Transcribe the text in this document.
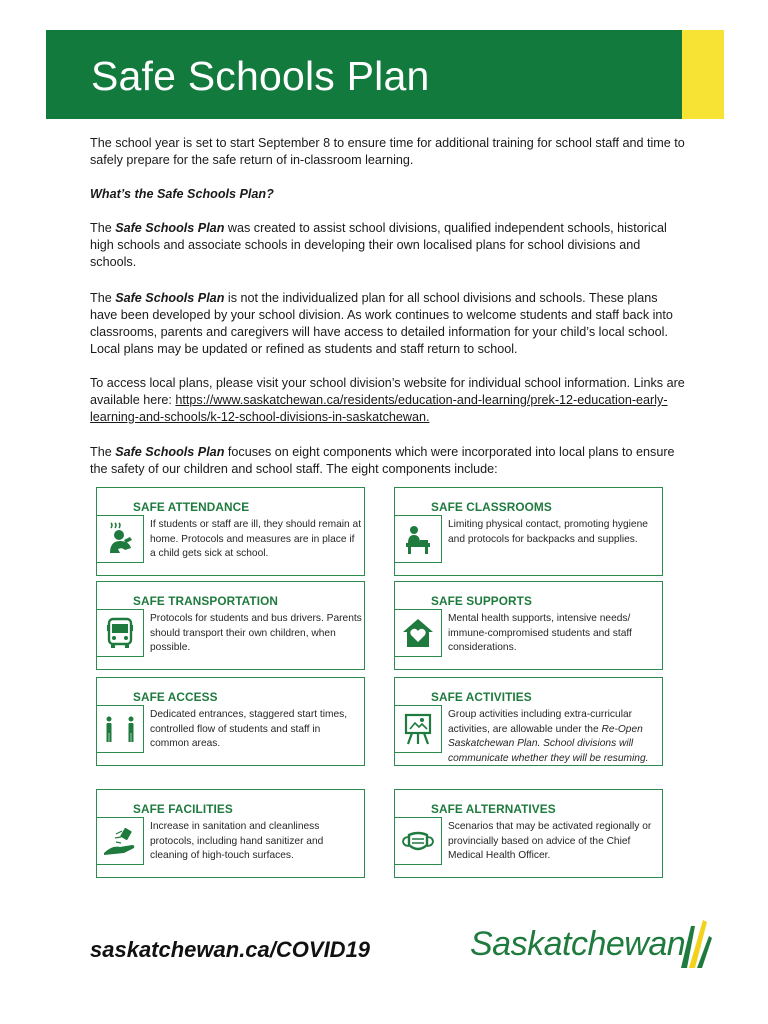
Safe Schools Plan

The school year is set to start September 8 to ensure time for additional training for school staff and time to safely prepare for the safe return of in-classroom learning.

What’s the Safe Schools Plan?

The Safe Schools Plan was created to assist school divisions, qualified independent schools, historical high schools and associate schools in developing their own localised plans for school divisions and schools.

The Safe Schools Plan is not the individualized plan for all school divisions and schools. These plans have been developed by your school division. As work continues to welcome students and staff back into classrooms, parents and caregivers will have access to detailed information for your child’s local school. Local plans may be updated or refined as students and staff return to school.

To access local plans, please visit your school division’s website for individual school information. Links are available here: https://www.saskatchewan.ca/residents/education-and-learning/prek-12-education-early-learning-and-schools/k-12-school-divisions-in-saskatchewan.

The Safe Schools Plan focuses on eight components which were incorporated into local plans to ensure the safety of our children and school staff. The eight components include:

SAFE ATTENDANCE
If students or staff are ill, they should remain at home. Protocols and measures are in place if a child gets sick at school.
SAFE CLASSROOMS
Limiting physical contact, promoting hygiene and protocols for backpacks and supplies.
SAFE TRANSPORTATION
Protocols for students and bus drivers. Parents should transport their own children, when possible.
SAFE SUPPORTS
Mental health supports, intensive needs/ immune-compromised students and staff considerations.
SAFE ACCESS
Dedicated entrances, staggered start times, controlled flow of students and staff in common areas.
SAFE ACTIVITIES
Group activities including extra-curricular activities, are allowable under the Re-Open Saskatchewan Plan. School divisions will communicate whether they will be resuming.
SAFE FACILITIES
Increase in sanitation and cleanliness protocols, including hand sanitizer and cleaning of high-touch surfaces.
SAFE ALTERNATIVES
Scenarios that may be activated regionally or provincially based on advice of the Chief Medical Health Officer.
saskatchewan.ca/COVID19	Saskatchewan
